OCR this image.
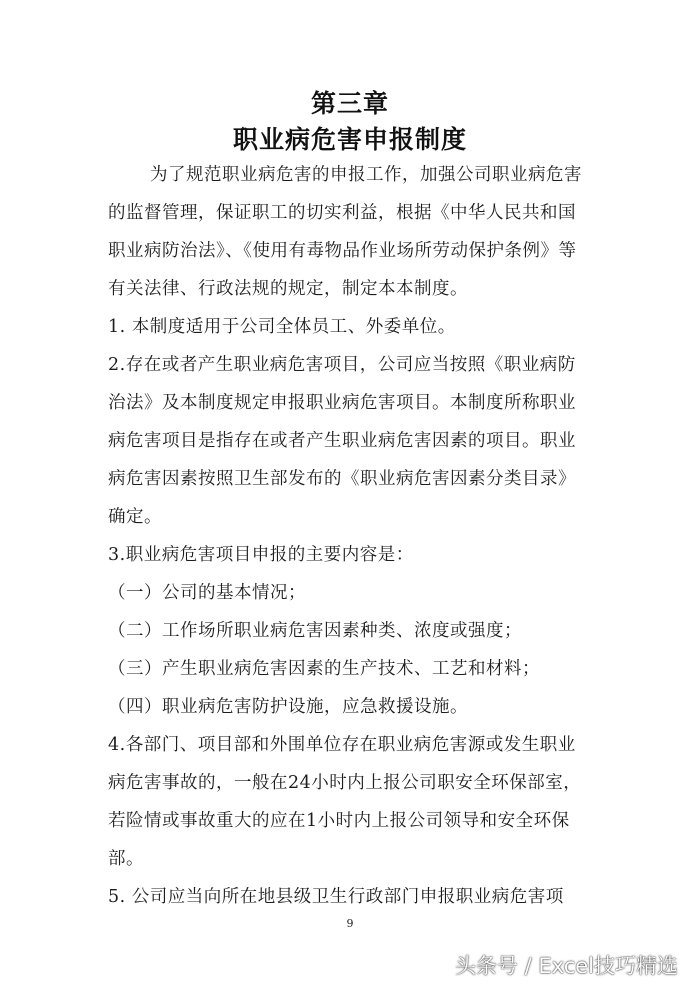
第三章
职业病危害申报制度
为了规范职业病危害的申报工作，加强公司职业病危害
的监督管理，保证职工的切实利益，根据《中华人民共和国
职业病防治法》、《使用有毒物品作业场所劳动保护条例》等
有关法律、行政法规的规定，制定本本制度。
1. 本制度适用于公司全体员工、外委单位。
2.存在或者产生职业病危害项目，公司应当按照《职业病防
治法》及本制度规定申报职业病危害项目。本制度所称职业
病危害项目是指存在或者产生职业病危害因素的项目。职业
病危害因素按照卫生部发布的《职业病危害因素分类目录》
确定。
3.职业病危害项目申报的主要内容是：
（一）公司的基本情况；
（二）工作场所职业病危害因素种类、浓度或强度；
（三）产生职业病危害因素的生产技术、工艺和材料；
（四）职业病危害防护设施，应急救援设施。
4.各部门、项目部和外围单位存在职业病危害源或发生职业
病危害事故的，一般在24小时内上报公司职安全环保部室，
若险情或事故重大的应在1小时内上报公司领导和安全环保
部。
5. 公司应当向所在地县级卫生行政部门申报职业病危害项
9
头条号 / Excel技巧精选
